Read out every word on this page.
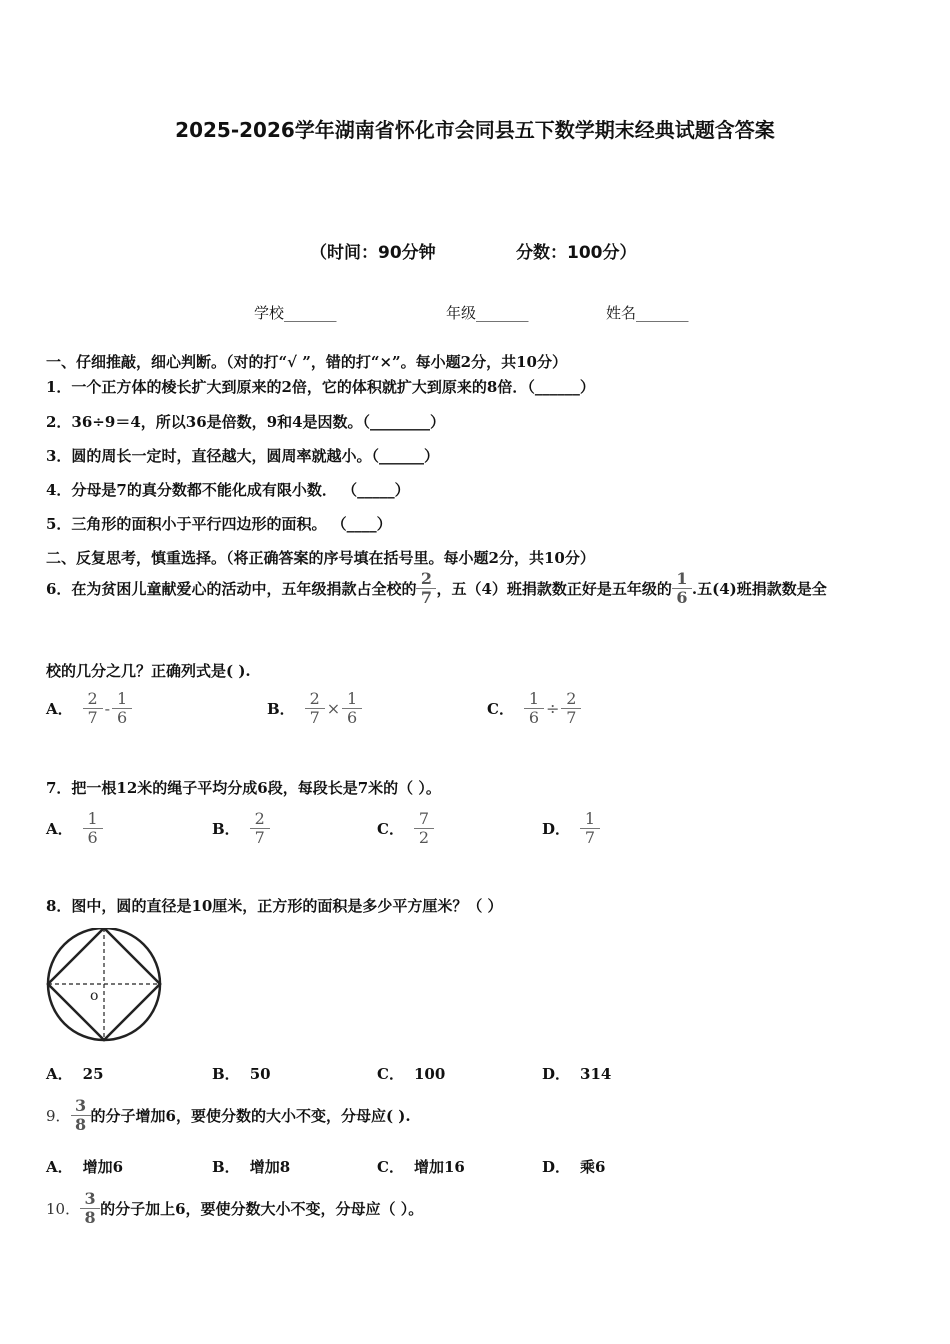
2025-2026学年湖南省怀化市会同县五下数学期末经典试题含答案
（时间：90分钟	分数：100分）
学校_______	年级_______	姓名_______
一、仔细推敲，细心判断。（对的打“√ ”，错的打“×”。每小题2分，共10分）
1．一个正方体的棱长扩大到原来的2倍，它的体积就扩大到原来的8倍．（______）
2．36÷9＝4，所以36是倍数，9和4是因数。（________）
3．圆的周长一定时，直径越大，圆周率就越小。（______）
4．分母是7的真分数都不能化成有限小数． （_____）
5．三角形的面积小于平行四边形的面积。 （____）
二、反复思考，慎重选择。（将正确答案的序号填在括号里。每小题2分，共10分）
6．在为贫困儿童献爱心的活动中，五年级捐款占全校的 $\frac{2}{7}$ ，五（4）班捐款数正好是五年级的 $\frac{1}{6}$ .五(4)班捐款数是全
校的几分之几？正确列式是( ).
A． $\frac{2}{7} - \frac{1}{6}$	B． $\frac{2}{7} \times \frac{1}{6}$	C． $\frac{1}{6} \div \frac{2}{7}$
7．把一根12米的绳子平均分成6段，每段长是7米的（ ）。
A． $\frac{1}{6}$	B． $\frac{2}{7}$	C． $\frac{7}{2}$	D． $\frac{1}{7}$
8．图中，圆的直径是10厘米，正方形的面积是多少平方厘米？（ ）
o
A． 25	B． 50	C． 100	D． 314
9． $\frac{3}{8}$ 的分子增加6，要使分数的大小不变，分母应( ).
A． 增加6	B． 增加8	C． 增加16	D． 乘6
10． $\frac{3}{8}$ 的分子加上6，要使分数大小不变，分母应（ ）。
